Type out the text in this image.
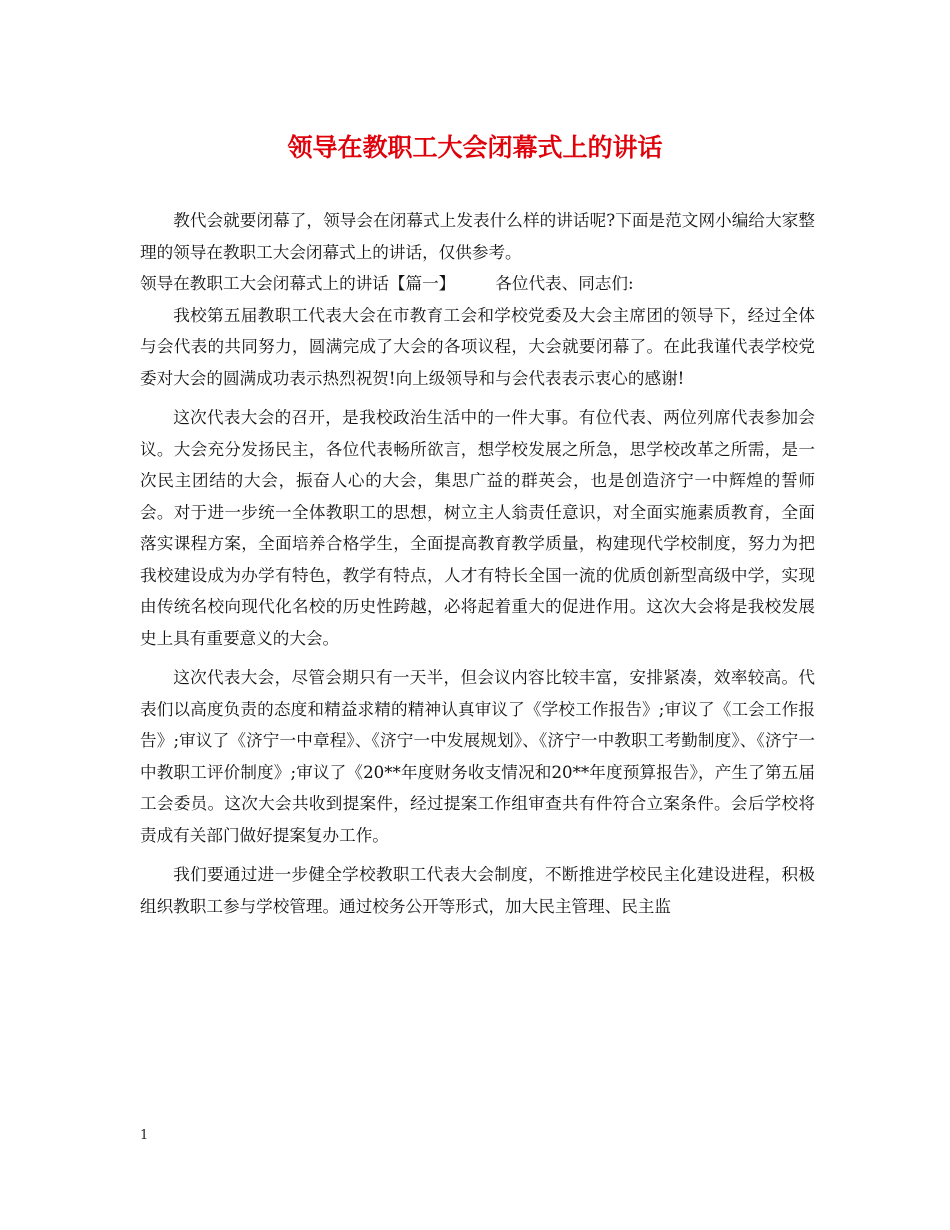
领导在教职工大会闭幕式上的讲话

教代会就要闭幕了，领导会在闭幕式上发表什么样的讲话呢?下面是范文网小编给大家整理的领导在教职工大会闭幕式上的讲话，仅供参考。

领导在教职工大会闭幕式上的讲话【篇一】 各位代表、同志们:

我校第五届教职工代表大会在市教育工会和学校党委及大会主席团的领导下，经过全体与会代表的共同努力，圆满完成了大会的各项议程，大会就要闭幕了。在此我谨代表学校党委对大会的圆满成功表示热烈祝贺!向上级领导和与会代表表示衷心的感谢!

这次代表大会的召开，是我校政治生活中的一件大事。有位代表、两位列席代表参加会议。大会充分发扬民主，各位代表畅所欲言，想学校发展之所急，思学校改革之所需，是一次民主团结的大会，振奋人心的大会，集思广益的群英会，也是创造济宁一中辉煌的誓师会。对于进一步统一全体教职工的思想，树立主人翁责任意识，对全面实施素质教育，全面落实课程方案，全面培养合格学生，全面提高教育教学质量，构建现代学校制度，努力为把我校建设成为办学有特色，教学有特点，人才有特长全国一流的优质创新型高级中学，实现由传统名校向现代化名校的历史性跨越，必将起着重大的促进作用。这次大会将是我校发展史上具有重要意义的大会。

这次代表大会，尽管会期只有一天半，但会议内容比较丰富，安排紧凑，效率较高。代表们以高度负责的态度和精益求精的精神认真审议了《学校工作报告》;审议了《工会工作报告》;审议了《济宁一中章程》、《济宁一中发展规划》、《济宁一中教职工考勤制度》、《济宁一中教职工评价制度》;审议了《20**年度财务收支情况和20**年度预算报告》，产生了第五届工会委员。这次大会共收到提案件，经过提案工作组审查共有件符合立案条件。会后学校将责成有关部门做好提案复办工作。

我们要通过进一步健全学校教职工代表大会制度，不断推进学校民主化建设进程，积极组织教职工参与学校管理。通过校务公开等形式，加大民主管理、民主监

1
